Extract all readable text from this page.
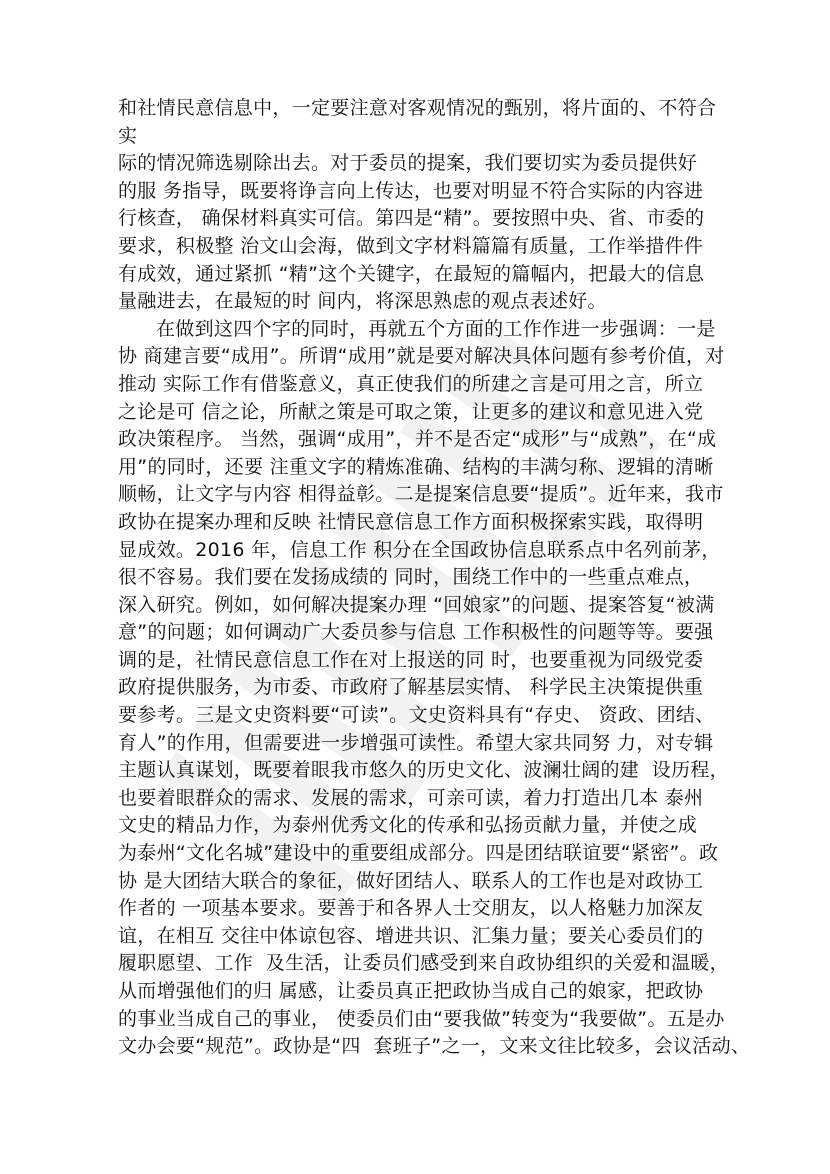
和社情民意信息中，一定要注意对客观情况的甄别，将片面的、不符合
实
际的情况筛选剔除出去。对于委员的提案，我们要切实为委员提供好
的服 务指导，既要将诤言向上传达，也要对明显不符合实际的内容进
行核查， 确保材料真实可信。第四是“精”。要按照中央、省、市委的
要求，积极整 治文山会海，做到文字材料篇篇有质量，工作举措件件
有成效，通过紧抓 “精”这个关键字，在最短的篇幅内，把最大的信息
量融进去，在最短的时 间内，将深思熟虑的观点表述好。
在做到这四个字的同时，再就五个方面的工作作进一步强调：一是
协 商建言要“成用”。所谓“成用”就是要对解决具体问题有参考价值，对
推动 实际工作有借鉴意义，真正使我们的所建之言是可用之言，所立
之论是可 信之论，所献之策是可取之策，让更多的建议和意见进入党
政决策程序。 当然，强调“成用”，并不是否定“成形”与“成熟”，在“成
用”的同时，还要 注重文字的精炼准确、结构的丰满匀称、逻辑的清晰
顺畅，让文字与内容 相得益彰。二是提案信息要“提质”。近年来，我市
政协在提案办理和反映 社情民意信息工作方面积极探索实践，取得明
显成效。2016 年，信息工作 积分在全国政协信息联系点中名列前茅，
很不容易。我们要在发扬成绩的 同时，围绕工作中的一些重点难点，
深入研究。例如，如何解决提案办理 “回娘家”的问题、提案答复“被满
意”的问题；如何调动广大委员参与信息 工作积极性的问题等等。要强
调的是，社情民意信息工作在对上报送的同 时，也要重视为同级党委
政府提供服务，为市委、市政府了解基层实情、 科学民主决策提供重
要参考。三是文史资料要“可读”。文史资料具有“存史、 资政、团结、
育人”的作用，但需要进一步增强可读性。希望大家共同努 力，对专辑
主题认真谋划，既要着眼我市悠久的历史文化、波澜壮阔的建  设历程，
也要着眼群众的需求、发展的需求，可亲可读，着力打造出几本 泰州
文史的精品力作，为泰州优秀文化的传承和弘扬贡献力量，并使之成
为泰州“文化名城”建设中的重要组成部分。四是团结联谊要“紧密”。政
协 是大团结大联合的象征，做好团结人、联系人的工作也是对政协工
作者的 一项基本要求。要善于和各界人士交朋友，以人格魅力加深友
谊，在相互 交往中体谅包容、增进共识、汇集力量；要关心委员们的
履职愿望、工作  及生活，让委员们感受到来自政协组织的关爱和温暖，
从而增强他们的归 属感，让委员真正把政协当成自己的娘家，把政协
的事业当成自己的事业， 使委员们由“要我做”转变为“我要做”。五是办
文办会要“规范”。政协是“四  套班子”之一，文来文往比较多，会议活动、
